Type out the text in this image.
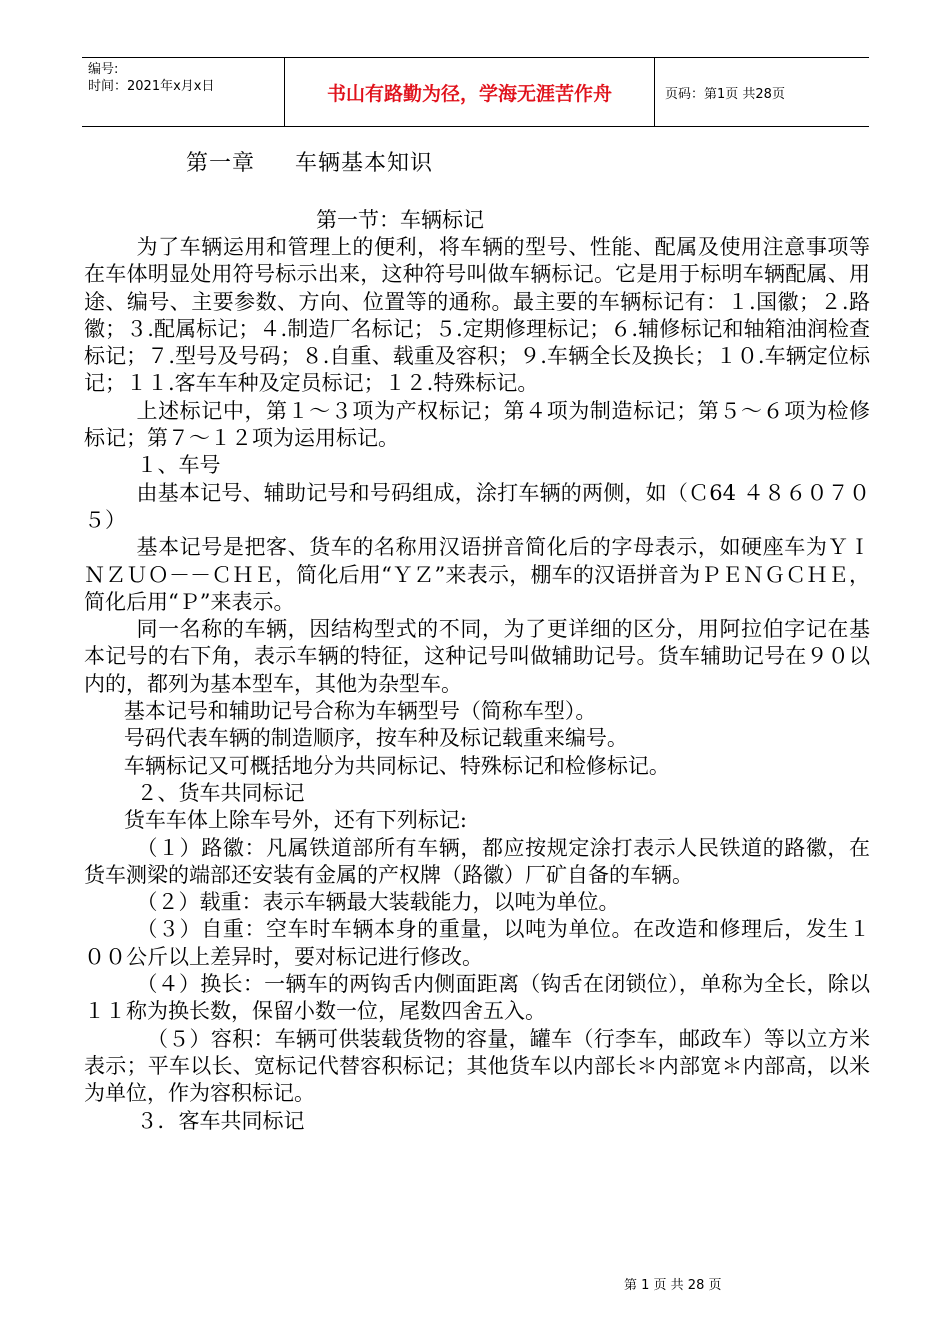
编号:
时间：2021年x月x日	书山有路勤为径，学海无涯苦作舟	页码：第1页 共28页
第一章 车辆基本知识
第一节：车辆标记

为了车辆运用和管理上的便利，将车辆的型号、性能、配属及使用注意事项等在车体明显处用符号标示出来，这种符号叫做车辆标记。它是用于标明车辆配属、用途、编号、主要参数、方向、位置等的通称。最主要的车辆标记有：１.国徽；２.路徽；３.配属标记；４.制造厂名标记；５.定期修理标记；６.辅修标记和轴箱油润检查标记；７.型号及号码；８.自重、载重及容积；９.车辆全长及换长；１０.车辆定位标记；１１.客车车种及定员标记；１２.特殊标记。

上述标记中，第１～３项为产权标记；第４项为制造标记；第５～６项为检修标记；第７～１２项为运用标记。

１、车号

由基本记号、辅助记号和号码组成，涂打车辆的两侧，如（Ｃ64 ４８６０７０５）

基本记号是把客、货车的名称用汉语拼音简化后的字母表示，如硬座车为ＹＩＮＺＵＯ－－ＣＨＥ，简化后用“ＹＺ”来表示，棚车的汉语拼音为ＰＥＮＧＣＨＥ，简化后用“Ｐ”来表示。

同一名称的车辆，因结构型式的不同，为了更详细的区分，用阿拉伯字记在基本记号的右下角，表示车辆的特征，这种记号叫做辅助记号。货车辅助记号在９０以内的，都列为基本型车，其他为杂型车。

基本记号和辅助记号合称为车辆型号（简称车型）。

号码代表车辆的制造顺序，按车种及标记载重来编号。

车辆标记又可概括地分为共同标记、特殊标记和检修标记。

２、货车共同标记

货车车体上除车号外，还有下列标记:

（１）路徽：凡属铁道部所有车辆，都应按规定涂打表示人民铁道的路徽，在货车测梁的端部还安装有金属的产权牌（路徽）厂矿自备的车辆。

（２）载重：表示车辆最大装载能力，以吨为单位。

（３）自重：空车时车辆本身的重量，以吨为单位。在改造和修理后，发生１００公斤以上差异时，要对标记进行修改。

（４）换长：一辆车的两钩舌内侧面距离（钩舌在闭锁位），单称为全长，除以１１称为换长数，保留小数一位，尾数四舍五入。

（５）容积：车辆可供装载货物的容量，罐车（行李车，邮政车）等以立方米表示；平车以长、宽标记代替容积标记；其他货车以内部长＊内部宽＊内部高，以米为单位，作为容积标记。

３．客车共同标记

第 1 页 共 28 页
